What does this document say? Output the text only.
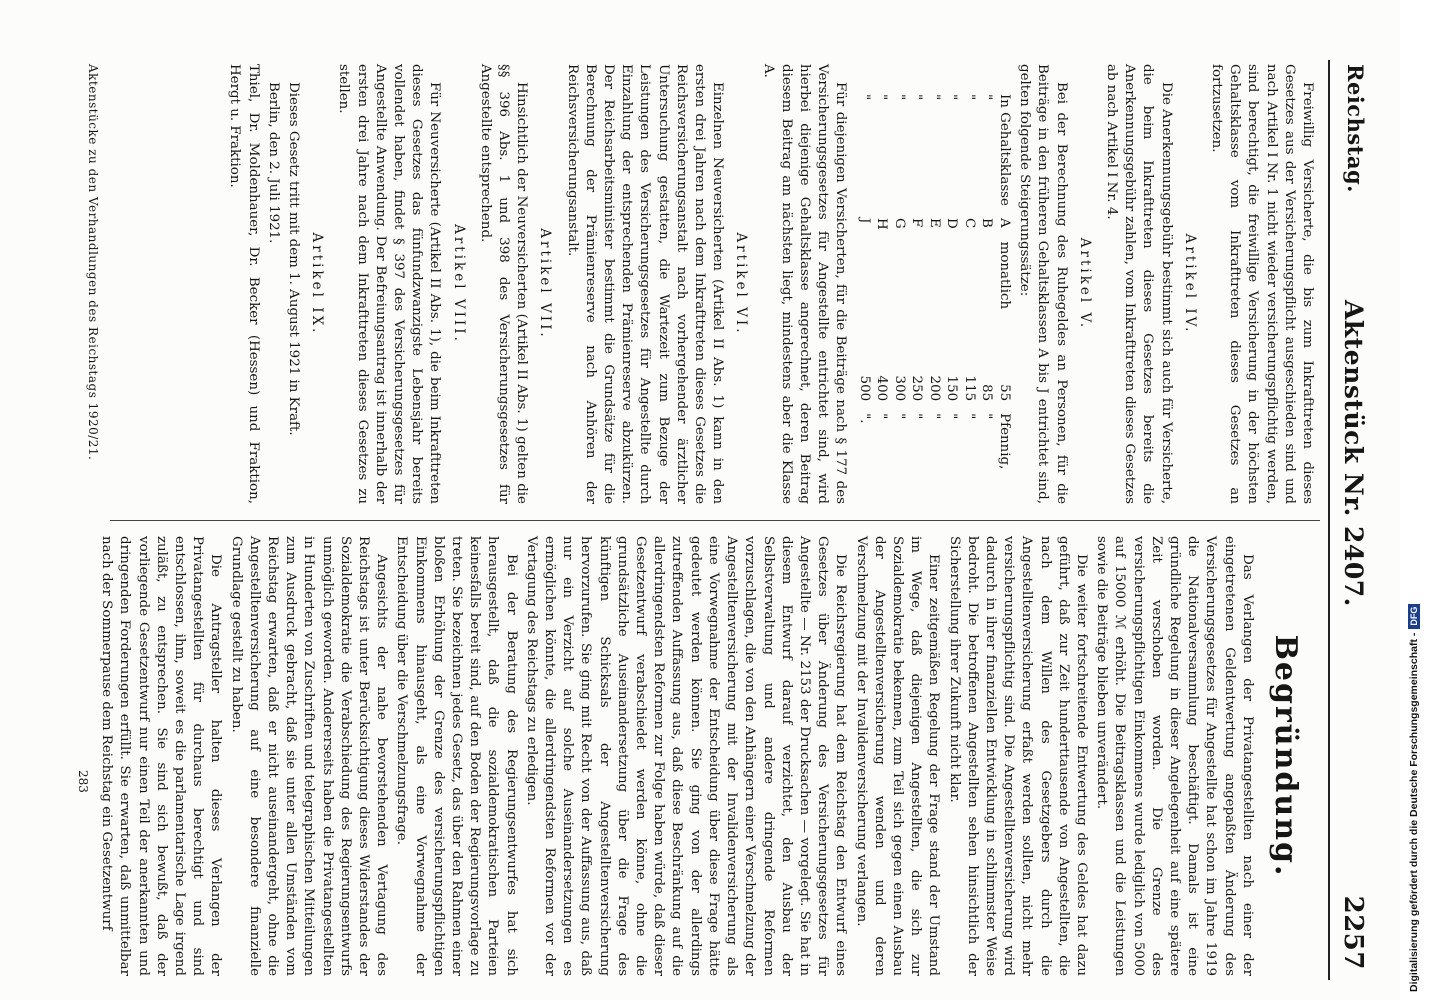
Reichstag.
Aktenstück Nr. 2407.
2257

Freiwillig Versicherte, die bis zum Inkrafttreten dieses Gesetzes aus der Versicherungspflicht ausgeschieden sind und nach Artikel I Nr. 1 nicht wieder versicherungspflichtig werden, sind berechtigt, die freiwillige Versicherung in der höchsten Gehaltsklasse vom Inkrafttreten dieses Gesetzes an fortzusetzen.

Artikel IV.

Die Anerkennungsgebühr bestimmt sich auch für Versicherte, die beim Inkrafttreten dieses Gesetzes bereits die Anerkennungsgebühr zahlen, vom Inkrafttreten dieses Gesetzes ab nach Artikel I Nr. 4.

Artikel V.

Bei der Berechnung des Ruhegeldes an Personen, für die Beiträge in den früheren Gehaltsklassen A bis J entrichtet sind, gelten folgende Steigerungssätze:

In Gehaltsklasse	A	monatlich	55	Pfennig,
"	B		85	"
"	C		115	"
"	D		150	"
"	E		200	"
"	F		250	"
"	G		300	"
"	H		400	"
"	J		500	".

Für diejenigen Versicherten, für die Beiträge nach § 177 des Versicherungsgesetzes für Angestellte entrichtet sind, wird hierbei diejenige Gehaltsklasse angerechnet, deren Beitrag diesem Beitrag am nächsten liegt, mindestens aber die Klasse A.

Artikel VI.

Einzelnen Neuversicherten (Artikel II Abs. 1) kann in den ersten drei Jahren nach dem Inkrafttreten dieses Gesetzes die Reichsversicherungsanstalt nach vorhergehender ärztlicher Untersuchung gestatten, die Wartezeit zum Bezuge der Leistungen des Versicherungsgesetzes für Angestellte durch Einzahlung der entsprechenden Prämienreserve abzukürzen. Der Reichsarbeitsminister bestimmt die Grundsätze für die Berechnung der Prämienreserve nach Anhören der Reichsversicherungsanstalt.

Artikel VII.

Hinsichtlich der Neuversicherten (Artikel II Abs. 1) gelten die §§ 396 Abs. 1 und 398 des Versicherungsgesetzes für Angestellte entsprechend.

Artikel VIII.

Für Neuversicherte (Artikel II Abs. 1), die beim Inkrafttreten dieses Gesetzes das fünfundzwanzigste Lebensjahr bereits vollendet haben, findet § 397 des Versicherungsgesetzes für Angestellte Anwendung. Der Befreiungsantrag ist innerhalb der ersten drei Jahre nach dem Inkrafttreten dieses Gesetzes zu stellen.

Artikel IX.

Dieses Gesetz tritt mit dem 1. August 1921 in Kraft.

Berlin, den 2. Juli 1921.

Thiel, Dr. Moldenhauer, Dr. Becker (Hessen) und Fraktion, Hergt u. Fraktion.

Begründung.

Das Verlangen der Privatangestellten nach einer der eingetretenen Geldentwertung angepaßten Änderung des Versicherungsgesetzes für Angestellte hat schon im Jahre 1919 die Nationalversammlung beschäftigt. Damals ist eine gründliche Regelung in dieser Angelegenheit auf eine spätere Zeit verschoben worden. Die Grenze des versicherungspflichtigen Einkommens wurde lediglich von 5000 auf 15000 ℳ erhöht. Die Beitragsklassen und die Leistungen sowie die Beiträge blieben unverändert.

Die weiter fortschreitende Entwertung des Geldes hat dazu geführt, daß zur Zeit hunderttausende von Angestellten, die nach dem Willen des Gesetzgebers durch die Angestelltenversicherung erfaßt werden sollten, nicht mehr versicherungspflichtig sind. Die Angestelltenversicherung wird dadurch in ihrer finanziellen Entwicklung in schlimmster Weise bedroht. Die betroffenen Angestellten sehen hinsichtlich der Sicherstellung ihrer Zukunft nicht klar.

Einer zeitgemäßen Regelung der Frage stand der Umstand im Wege, daß diejenigen Angestellten, die sich zur Sozialdemokratie bekennen, zum Teil sich gegen einen Ausbau der Angestelltenversicherung wenden und deren Verschmelzung mit der Invalidenversicherung verlangen.

Die Reichsregierung hat dem Reichstag den Entwurf eines Gesetzes über Änderung des Versicherungsgesetzes für Angestellte — Nr. 2153 der Drucksachen — vorgelegt. Sie hat in diesem Entwurf darauf verzichtet, den Ausbau der Selbstverwaltung und andere dringende Reformen vorzuschlagen, die von den Anhängern einer Verschmelzung der Angestelltenversicherung mit der Invalidenversicherung als eine Vorwegnahme der Entscheidung über diese Frage hätte gedeutet werden können. Sie ging von der allerdings zutreffenden Auffassung aus, daß diese Beschränkung auf die allerdringendsten Reformen zur Folge haben würde, daß dieser Gesetzentwurf verabschiedet werden könne, ohne die grundsätzliche Auseinandersetzung über die Frage des künftigen Schicksals der Angestelltenversicherung hervorzurufen. Sie ging mit Recht von der Auffassung aus, daß nur ein Verzicht auf solche Auseinandersetzungen es ermöglichen könnte, die allerdringendsten Reformen vor der Vertagung des Reichstags zu erledigen.

Bei der Beratung des Regierungsentwurfes hat sich herausgestellt, daß die sozialdemokratischen Parteien keinesfalls bereit sind, auf den Boden der Regierungsvorlage zu treten. Sie bezeichnen jedes Gesetz, das über den Rahmen einer bloßen Erhöhung der Grenze des versicherungspflichtigen Einkommens hinausgeht, als eine Vorwegnahme der Entscheidung über die Verschmelzungsfrage.

Angesichts der nahe bevorstehenden Vertagung des Reichstags ist unter Berücksichtigung dieses Widerstandes der Sozialdemokratie die Verabschiedung des Regierungsentwurfs unmöglich geworden. Andererseits haben die Privatangestellten in Hunderten von Zuschriften und telegraphischen Mitteilungen zum Ausdruck gebracht, daß sie unter allen Umständen vom Reichstag erwarten, daß er nicht auseinandergeht, ohne die Angestelltenversicherung auf eine besondere finanzielle Grundlage gestellt zu haben.

Die Antragsteller halten dieses Verlangen der Privatangestellten für durchaus berechtigt und sind entschlossen, ihm, soweit es die parlamentarische Lage irgend zuläßt, zu entsprechen. Sie sind sich bewußt, daß der vorliegende Gesetzentwurf nur einen Teil der anerkannten und dringenden Forderungen erfüllt. Sie erwarten, daß unmittelbar nach der Sommerpause dem Reichstag ein Gesetzentwurf

Aktenstücke zu den Verhandlungen des Reichstags 1920/21.
283	Digitalisierung gefördert durch die Deutsche Forschungsgemeinschaft -DFG
